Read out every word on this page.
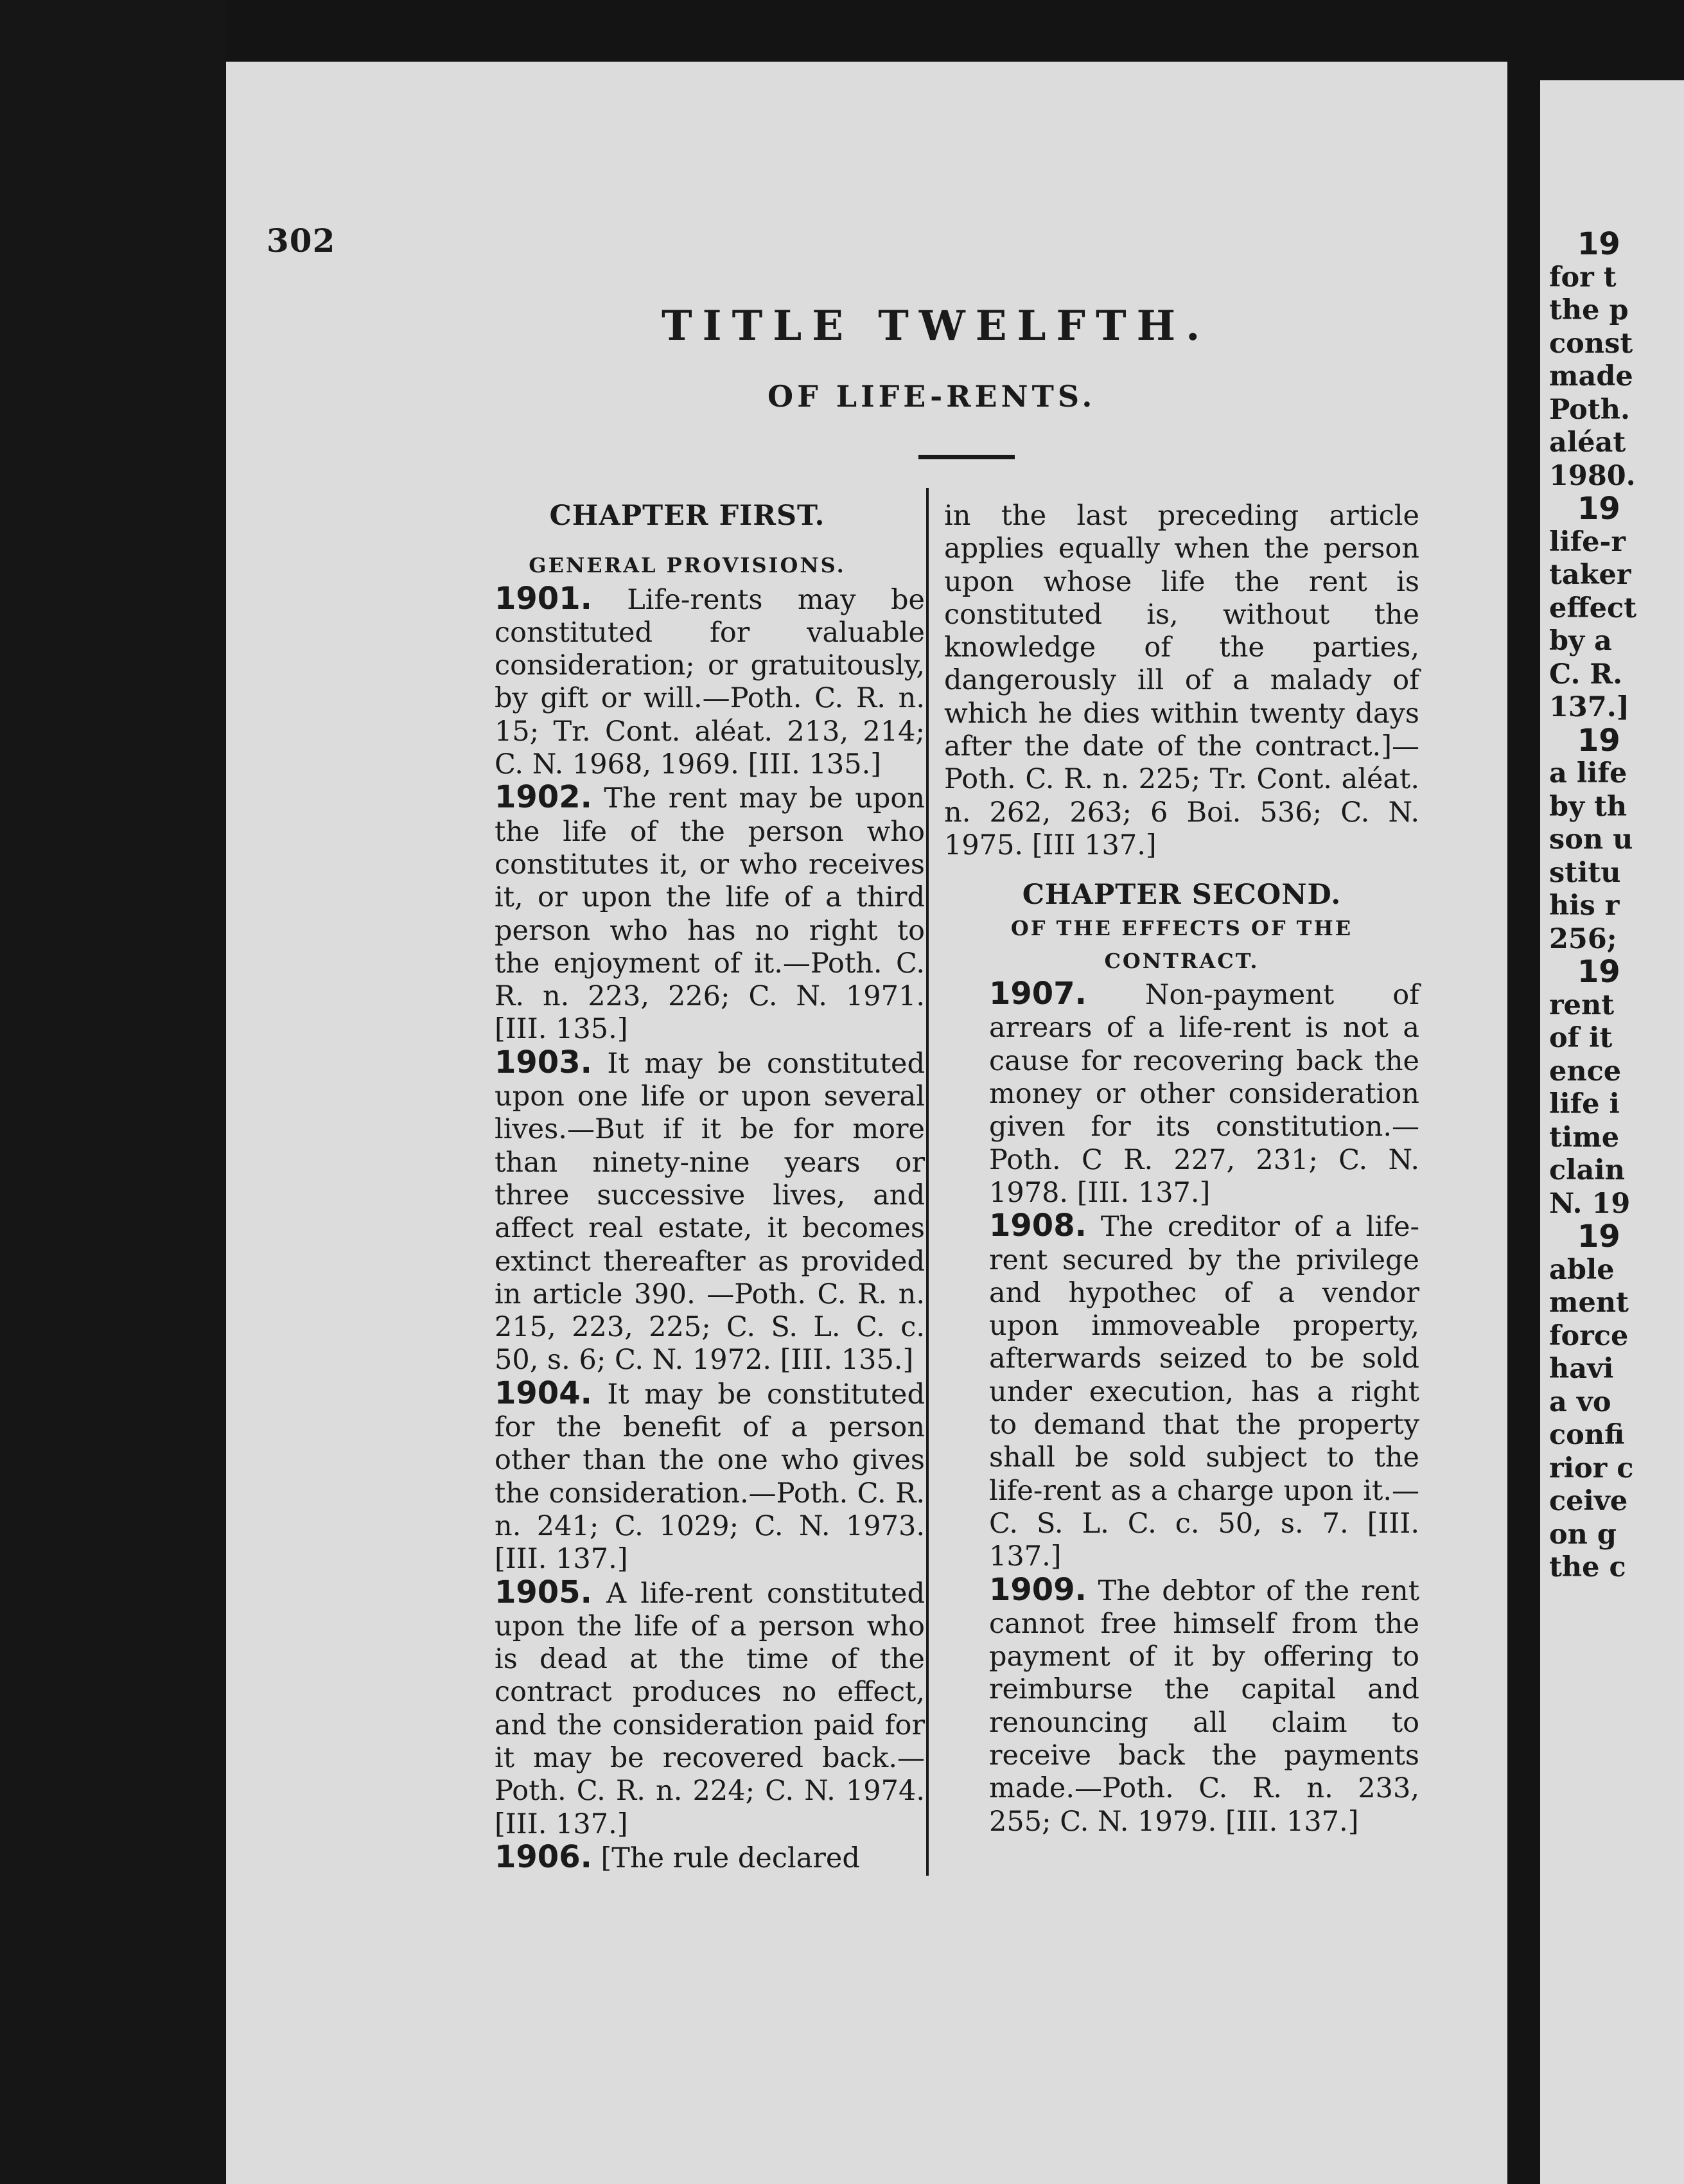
302
TITLE TWELFTH.
OF LIFE-RENTS.

CHAPTER FIRST.

GENERAL PROVISIONS.

1901. Life-rents may be constituted for valuable consideration; or gratuitously, by gift or will.—Poth. C. R. n. 15; Tr. Cont. aléat. 213, 214; C. N. 1968, 1969. [III. 135.]

1902. The rent may be upon the life of the person who constitutes it, or who receives it, or upon the life of a third person who has no right to the enjoyment of it.—Poth. C. R. n. 223, 226; C. N. 1971. [III. 135.]

1903. It may be constituted upon one life or upon several lives.—But if it be for more than ninety-nine years or three successive lives, and affect real estate, it becomes extinct thereafter as provided in article 390. —Poth. C. R. n. 215, 223, 225; C. S. L. C. c. 50, s. 6; C. N. 1972. [III. 135.]

1904. It may be constituted for the benefit of a person other than the one who gives the consideration.—Poth. C. R. n. 241; C. 1029; C. N. 1973. [III. 137.]

1905. A life-rent constituted upon the life of a person who is dead at the time of the contract produces no effect, and the consideration paid for it may be recovered back.—Poth. C. R. n. 224; C. N. 1974. [III. 137.]

1906. [The rule declared

in the last preceding article applies equally when the person upon whose life the rent is constituted is, without the knowledge of the parties, dangerously ill of a malady of which he dies within twenty days after the date of the contract.]—Poth. C. R. n. 225; Tr. Cont. aléat. n. 262, 263; 6 Boi. 536; C. N. 1975. [III 137.]

CHAPTER SECOND.

OF THE EFFECTS OF THE CONTRACT.

1907. Non-payment of arrears of a life-rent is not a cause for recovering back the money or other consideration given for its constitution.—Poth. C R. 227, 231; C. N. 1978. [III. 137.]

1908. The creditor of a life-rent secured by the privilege and hypothec of a vendor upon immoveable property, afterwards seized to be sold under execution, has a right to demand that the property shall be sold subject to the life-rent as a charge upon it.—C. S. L. C. c. 50, s. 7. [III. 137.]

1909. The debtor of the rent cannot free himself from the payment of it by offering to reimburse the capital and renouncing all claim to receive back the payments made.—Poth. C. R. n. 233, 255; C. N. 1979. [III. 137.]

19
for t
the p
const
made
Poth.
aléat
1980.
19
life-r
taker
effect
by a
C. R.
137.]
19
a life
by th
son u
stitu
his r
256;
19
rent
of it
ence
life i
time
clain
N. 19
19
able
ment
force
havi
a vo
confi
rior c
ceive
on g
the c
